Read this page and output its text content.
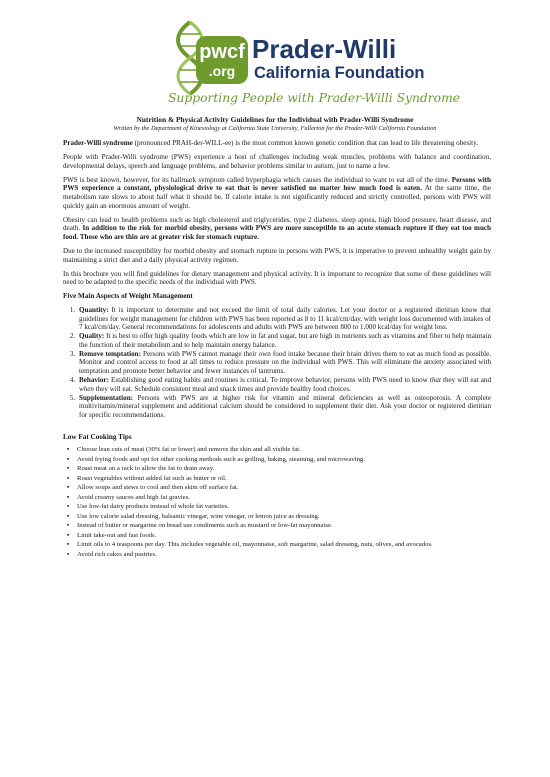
pwcf
.org
Prader-Willi
California Foundation
Supporting People with Prader-Willi Syndrome

Nutrition & Physical Activity Guidelines for the Individual with Prader-Willi Syndrome

Written by the Department of Kinesiology at California State University, Fullerton for the Prader-Willi California Foundation

Prader-Willi syndrome (pronounced PRAH-der-WILL-ee) is the most common known genetic condition that can lead to life threatening obesity.

People with Prader-Willi syndrome (PWS) experience a host of challenges including weak muscles, problems with balance and coordination, developmental delays, speech and language problems, and behavior problems similar to autism, just to name a few.

PWS is best known, however, for its hallmark symptom called hyperphagia which causes the individual to want to eat all of the time. Persons with PWS experience a constant, physiological drive to eat that is never satisfied no matter how much food is eaten. At the same time, the metabolism rate slows to about half what it should be. If calorie intake is not significantly reduced and strictly controlled, persons with PWS will quickly gain an enormous amount of weight.

Obesity can lead to health problems such as high cholesterol and triglycerides, type 2 diabetes, sleep apnea, high blood pressure, heart disease, and death. In addition to the risk for morbid obesity, persons with PWS are more susceptible to an acute stomach rupture if they eat too much food. Those who are thin are at greater risk for stomach rupture.

Due to the increased susceptibility for morbid obesity and stomach rupture in persons with PWS, it is imperative to prevent unhealthy weight gain by maintaining a strict diet and a daily physical activity regimen.

In this brochure you will find guidelines for dietary management and physical activity. It is important to recognize that some of these guidelines will need to be adapted to the specific needs of the individual with PWS.

Five Main Aspects of Weight Management
1. Quantity: It is important to determine and not exceed the limit of total daily calories. Let your doctor or a registered dietitian know that guidelines for weight management for children with PWS has been reported as 8 to 11 kcal/cm/day, with weight loss documented with intakes of 7 kcal/cm/day. General recommendations for adolescents and adults with PWS are between 800 to 1,000 kcal/day for weight loss.
2. Quality: It is best to offer high quality foods which are low in fat and sugar, but are high in nutrients such as vitamins and fiber to help maintain the function of their metabolism and to help maintain energy balance.
3. Remove temptation: Persons with PWS cannot manage their own food intake because their brain drives them to eat as much food as possible. Monitor and control access to food at all times to reduce pressure on the individual with PWS. This will eliminate the anxiety associated with temptation and promote better behavior and fewer instances of tantrums.
4. Behavior: Establishing good eating habits and routines is critical. To improve behavior, persons with PWS need to know that they will eat and when they will eat. Schedule consistent meal and snack times and provide healthy food choices.
5. Supplementation: Persons with PWS are at higher risk for vitamin and mineral deficiencies as well as osteoporosis. A complete multivitamin/mineral supplement and additional calcium should be considered to supplement their diet. Ask your doctor or registered dietitian for specific recommendations.
Low Fat Cooking Tips
▪ Choose lean cuts of meat (30% fat or lower) and remove the skin and all visible fat.
▪ Avoid frying foods and opt for other cooking methods such as grilling, baking, steaming, and microwaving.
▪ Roast meat on a rack to allow the fat to drain away.
▪ Roast vegetables without added fat such as butter or oil.
▪ Allow soups and stews to cool and then skim off surface fat.
▪ Avoid creamy sauces and high fat gravies.
▪ Use low-fat dairy products instead of whole fat varieties.
▪ Use low calorie salad dressing, balsamic vinegar, wine vinegar, or lemon juice as dressing.
▪ Instead of butter or margarine on bread use condiments such as mustard or low-fat mayonnaise.
▪ Limit take-out and fast foods.
▪ Limit oils to 4 teaspoons per day. This includes vegetable oil, mayonnaise, soft margarine, salad dressing, nuts, olives, and avocados.
▪ Avoid rich cakes and pastries.
